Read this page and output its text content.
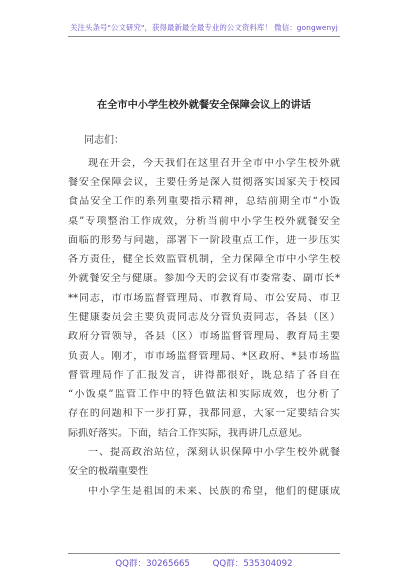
关注头条号"公文研究"，获得最新最全最专业的公文资料库！ 微信：gongwenyj
在全市中小学生校外就餐安全保障会议上的讲话
同志们：
现在开会，今天我们在这里召开全市中小学生校外就
餐安全保障会议，主要任务是深入贯彻落实国家关于校园
食品安全工作的系列重要指示精神，总结前期全市“小饭
桌”专项整治工作成效，分析当前中小学生校外就餐安全
面临的形势与问题，部署下一阶段重点工作，进一步压实
各方责任，健全长效监管机制，全力保障全市中小学生校
外就餐安全与健康。参加今天的会议有市委常委、副市长*
**同志，市市场监督管理局、市教育局、市公安局、市卫
生健康委员会主要负责同志及分管负责同志，各县（区）
政府分管领导，各县（区）市场监督管理局、教育局主要
负责人。刚才，市市场监督管理局、*区政府、*县市场监
督管理局作了汇报发言，讲得都很好，既总结了各自在
“小饭桌”监管工作中的特色做法和实际成效，也分析了
存在的问题和下一步打算，我都同意，大家一定要结合实
际抓好落实。下面，结合工作实际，我再讲几点意见。
一、提高政治站位，深刻认识保障中小学生校外就餐
安全的极端重要性
中小学生是祖国的未来、民族的希望，他们的健康成
QQ群：30265665	QQ群：535304092
